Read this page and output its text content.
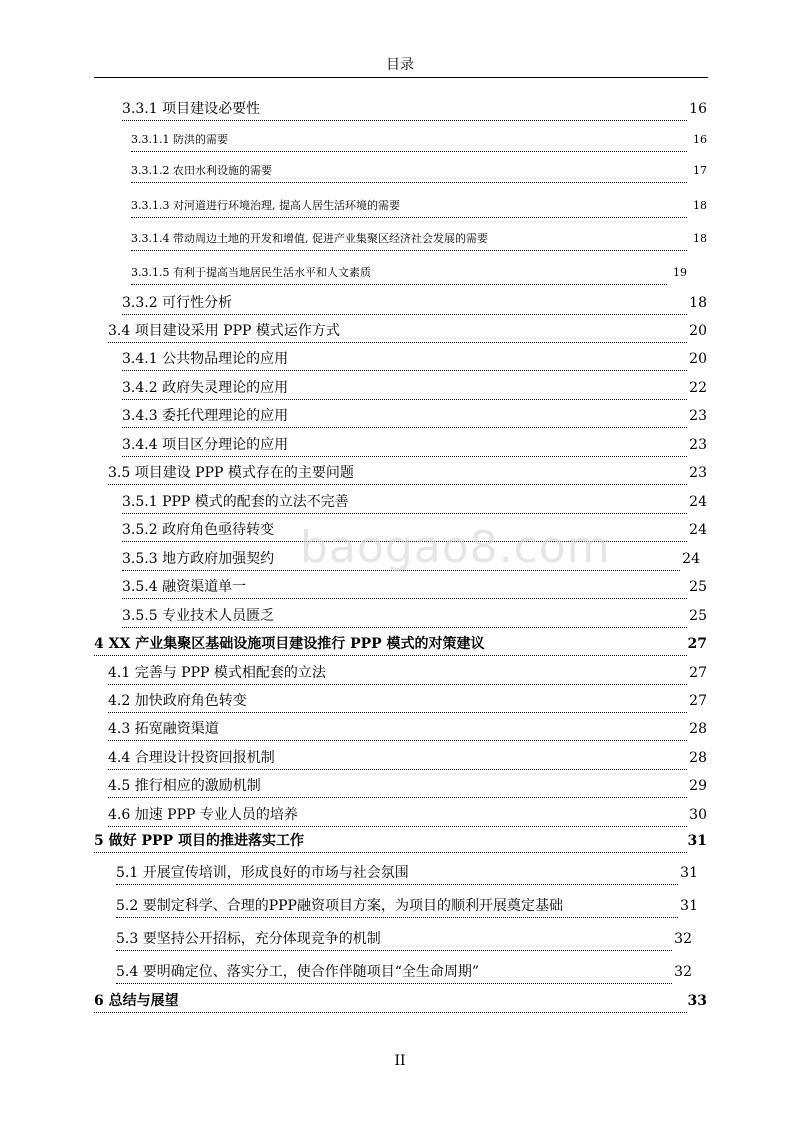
目录
3.3.1 项目建设必要性	16
3.3.1.1 防洪的需要	16
3.3.1.2 农田水利设施的需要	17
3.3.1.3 对河道进行环境治理, 提高人居生活环境的需要	18
3.3.1.4 带动周边土地的开发和增值, 促进产业集聚区经济社会发展的需要	18
3.3.1.5 有利于提高当地居民生活水平和人文素质	19
3.3.2 可行性分析	18
3.4 项目建设采用 PPP 模式运作方式	20
3.4.1 公共物品理论的应用	20
3.4.2 政府失灵理论的应用	22
3.4.3 委托代理理论的应用	23
3.4.4 项目区分理论的应用	23
3.5 项目建设 PPP 模式存在的主要问题	23
3.5.1 PPP 模式的配套的立法不完善	24
3.5.2 政府角色亟待转变	24
3.5.3 地方政府加强契约	24
3.5.4 融资渠道单一	25
3.5.5 专业技术人员匮乏	25
4 XX 产业集聚区基础设施项目建设推行 PPP 模式的对策建议	27
4.1 完善与 PPP 模式相配套的立法	27
4.2 加快政府角色转变	27
4.3 拓宽融资渠道	28
4.4 合理设计投资回报机制	28
4.5 推行相应的激励机制	29
4.6 加速 PPP 专业人员的培养	30
5 做好 PPP 项目的推进落实工作	31
5.1 开展宣传培训，形成良好的市场与社会氛围	31
5.2 要制定科学、合理的PPP融资项目方案，为项目的顺利开展奠定基础	31
5.3 要坚持公开招标，充分体现竞争的机制	32
5.4 要明确定位、落实分工，使合作伴随项目“全生命周期”	32
6 总结与展望	33
baogao8.com
II
